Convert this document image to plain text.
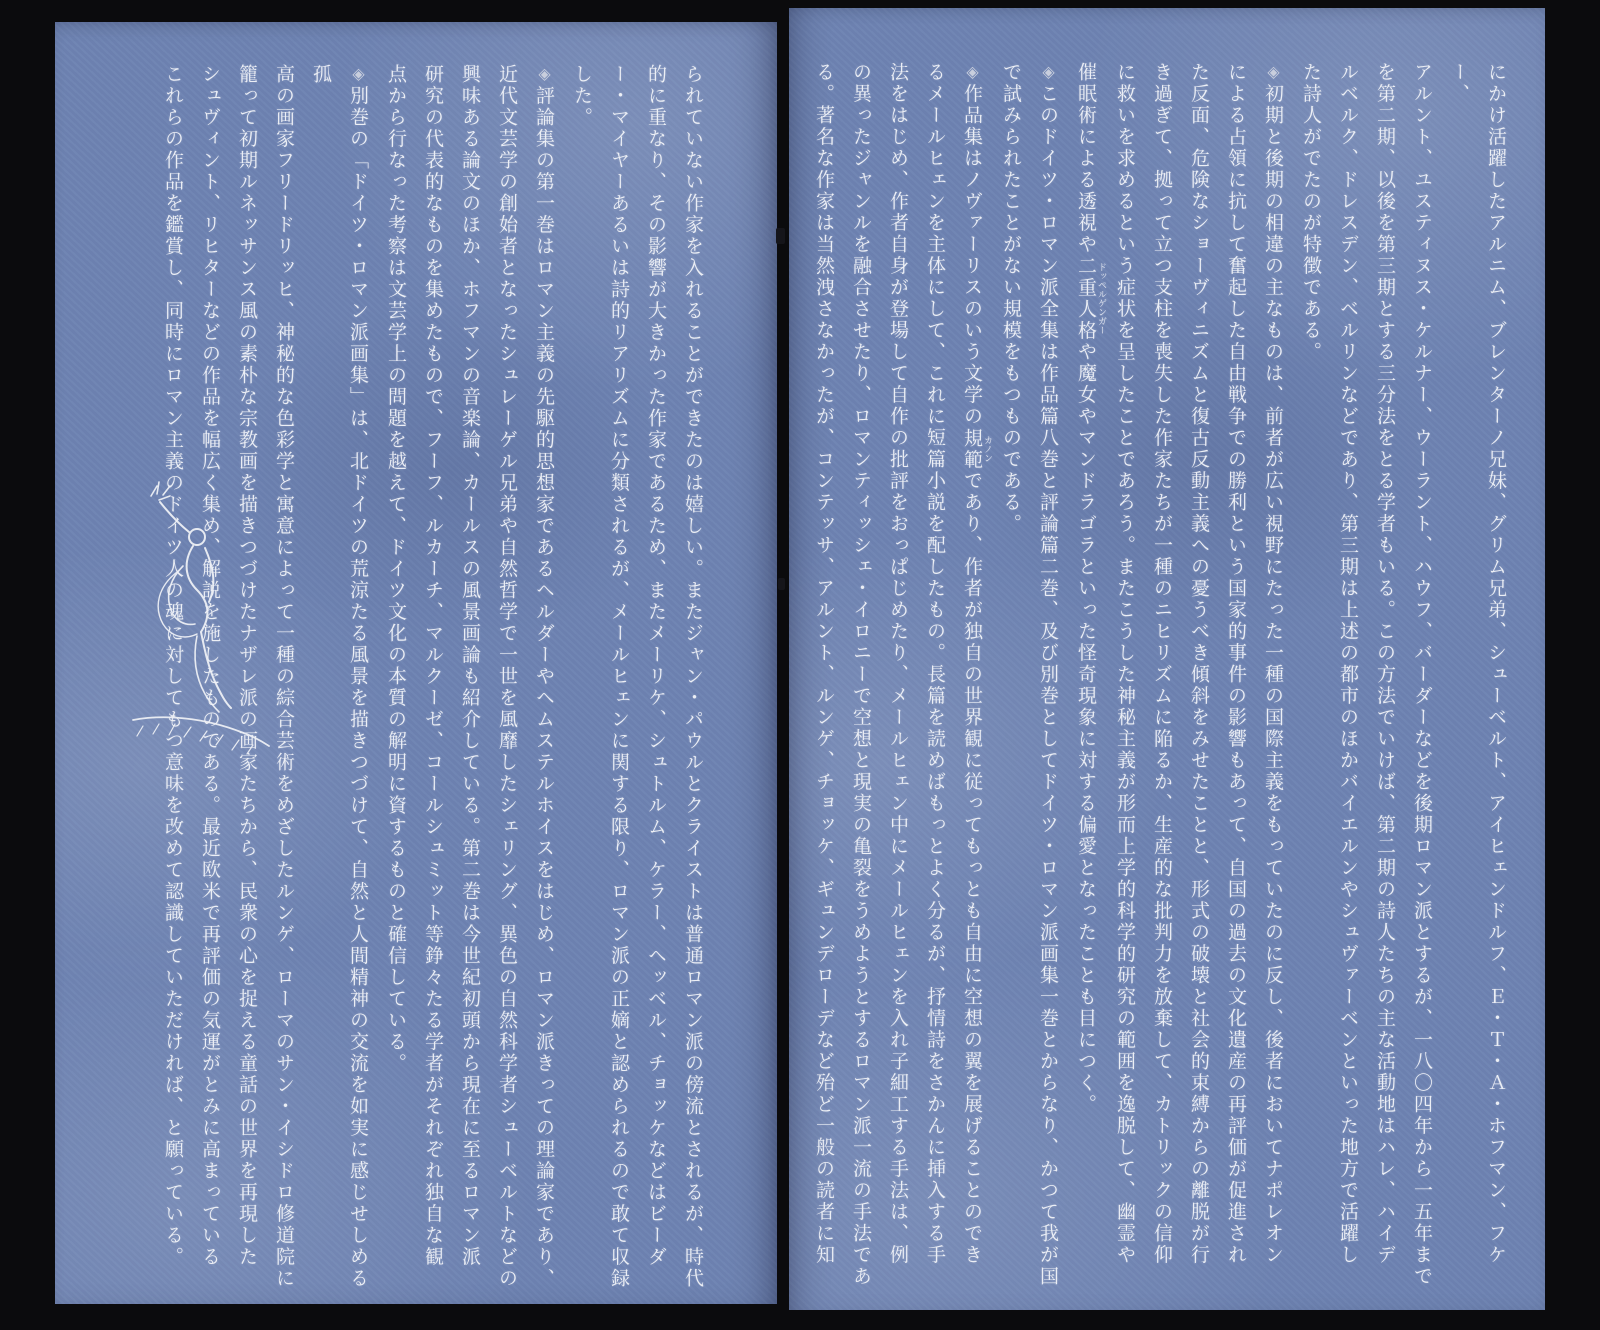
られていない作家を入れることができたのは嬉しい。またジャン・パウルとクライストは普通ロマン派の傍流とされるが、時代
的に重なり、その影響が大きかった作家であるため、またメーリケ、シュトルム、ケラー、ヘッベル、チョッケなどはビーダ
ー・マイヤーあるいは詩的リアリズムに分類されるが、メールヒェンに関する限り、ロマン派の正嫡と認められるので敢て収録
した。
◈評論集の第一巻はロマン主義の先駆的思想家であるヘルダーやヘムステルホイスをはじめ、ロマン派きっての理論家であり、
近代文芸学の創始者となったシュレーゲル兄弟や自然哲学で一世を風靡したシェリング、異色の自然科学者シューベルトなどの
興味ある論文のほか、ホフマンの音楽論、カールスの風景画論も紹介している。第二巻は今世紀初頭から現在に至るロマン派
研究の代表的なものを集めたもので、フーフ、ルカーチ、マルクーゼ、コールシュミット等錚々たる学者がそれぞれ独自な観
点から行なった考察は文芸学上の問題を越えて、ドイツ文化の本質の解明に資するものと確信している。
◈別巻の「ドイツ・ロマン派画集」は、北ドイツの荒涼たる風景を描きつづけて、自然と人間精神の交流を如実に感じせしめる孤
高の画家フリードリッヒ、神秘的な色彩学と寓意によって一種の綜合芸術をめざしたルンゲ、ローマのサン・イシドロ修道院に
籠って初期ルネッサンス風の素朴な宗教画を描きつづけたナザレ派の画家たちから、民衆の心を捉える童話の世界を再現した
シュヴィント、リヒターなどの作品を幅広く集め、解説を施したものである。最近欧米で再評価の気運がとみに高まっている
これらの作品を鑑賞し、同時にロマン主義のドイツ人の魂に対してもつ意味を改めて認識していただければ、と願っている。	にかけ活躍したアルニム、ブレンターノ兄妹、グリム兄弟、シューベルト、アイヒェンドルフ、Ｅ・Ｔ・Ａ・ホフマン、フケー、
アルント、ユスティヌス・ケルナー、ウーラント、ハウフ、バーダーなどを後期ロマン派とするが、一八〇四年から一五年まで
を第二期、以後を第三期とする三分法をとる学者もいる。この方法でいけば、第二期の詩人たちの主な活動地はハレ、ハイデ
ルベルク、ドレスデン、ベルリンなどであり、第三期は上述の都市のほかバイエルンやシュヴァーベンといった地方で活躍し
た詩人がでたのが特徴である。
◈初期と後期の相違の主なものは、前者が広い視野にたった一種の国際主義をもっていたのに反し、後者においてナポレオン
による占領に抗して奮起した自由戦争での勝利という国家的事件の影響もあって、自国の過去の文化遺産の再評価が促進され
た反面、危険なショーヴィニズムと復古反動主義への憂うべき傾斜をみせたことと、形式の破壊と社会的束縛からの離脱が行
き過ぎて、拠って立つ支柱を喪失した作家たちが一種のニヒリズムに陥るか、生産的な批判力を放棄して、カトリックの信仰
に救いを求めるという症状を呈したことであろう。またこうした神秘主義が形而上学的科学的研究の範囲を逸脱して、幽霊や
催眠術による透視や二重人格 ドッペルゲンガーや魔女やマンドラゴラといった怪奇現象に対する偏愛となったことも目につく。
◈このドイツ・ロマン派全集は作品篇八巻と評論篇二巻、及び別巻としてドイツ・ロマン派画集一巻とからなり、かつて我が国
で試みられたことがない規模をもつものである。
◈作品集はノヴァーリスのいう文学の規範 カノンであり、作者が独自の世界観に従ってもっとも自由に空想の翼を展げることのでき
るメールヒェンを主体にして、これに短篇小説を配したもの。長篇を読めばもっとよく分るが、抒情詩をさかんに挿入する手
法をはじめ、作者自身が登場して自作の批評をおっぱじめたり、メールヒェン中にメールヒェンを入れ子細工する手法は、例
の異ったジャンルを融合させたり、ロマンティッシェ・イロニーで空想と現実の亀裂をうめようとするロマン派一流の手法であ
る。著名な作家は当然洩さなかったが、コンテッサ、アルント、ルンゲ、チョッケ、ギュンデローデなど殆ど一般の読者に知
